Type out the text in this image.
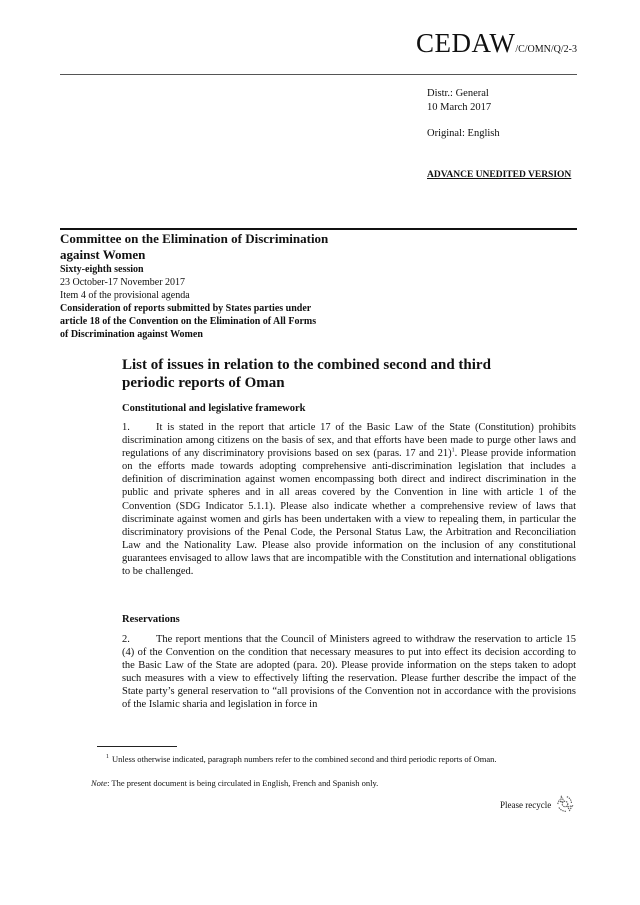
CEDAW/C/OMN/Q/2-3
Distr.: General
10 March 2017
Original: English
ADVANCE UNEDITED VERSION
Committee on the Elimination of Discrimination
against Women
Sixty-eighth session
23 October-17 November 2017
Item 4 of the provisional agenda
Consideration of reports submitted by States parties under
article 18 of the Convention on the Elimination of All Forms
of Discrimination against Women
List of issues in relation to the combined second and third periodic reports of Oman
Constitutional and legislative framework
1. It is stated in the report that article 17 of the Basic Law of the State (Constitution) prohibits discrimination among citizens on the basis of sex, and that efforts have been made to purge other laws and regulations of any discriminatory provisions based on sex (paras. 17 and 21)$^1$. Please provide information on the efforts made towards adopting comprehensive anti-discrimination legislation that includes a definition of discrimination against women encompassing both direct and indirect discrimination in the public and private spheres and in all areas covered by the Convention in line with article 1 of the Convention (SDG Indicator 5.1.1). Please also indicate whether a comprehensive review of laws that discriminate against women and girls has been undertaken with a view to repealing them, in particular the discriminatory provisions of the Penal Code, the Personal Status Law, the Arbitration and Reconciliation Law and the Nationality Law. Please also provide information on the inclusion of any constitutional guarantees envisaged to allow laws that are incompatible with the Constitution and international obligations to be challenged.
Reservations
2. The report mentions that the Council of Ministers agreed to withdraw the reservation to article 15 (4) of the Convention on the condition that necessary measures to put into effect its decision according to the Basic Law of the State are adopted (para. 20). Please provide information on the steps taken to adopt such measures with a view to effectively lifting the reservation. Please further describe the impact of the State party’s general reservation to “all provisions of the Convention not in accordance with the provisions of the Islamic sharia and legislation in force in
1 Unless otherwise indicated, paragraph numbers refer to the combined second and third periodic reports of Oman.
Note: The present document is being circulated in English, French and Spanish only.
Please recycle
